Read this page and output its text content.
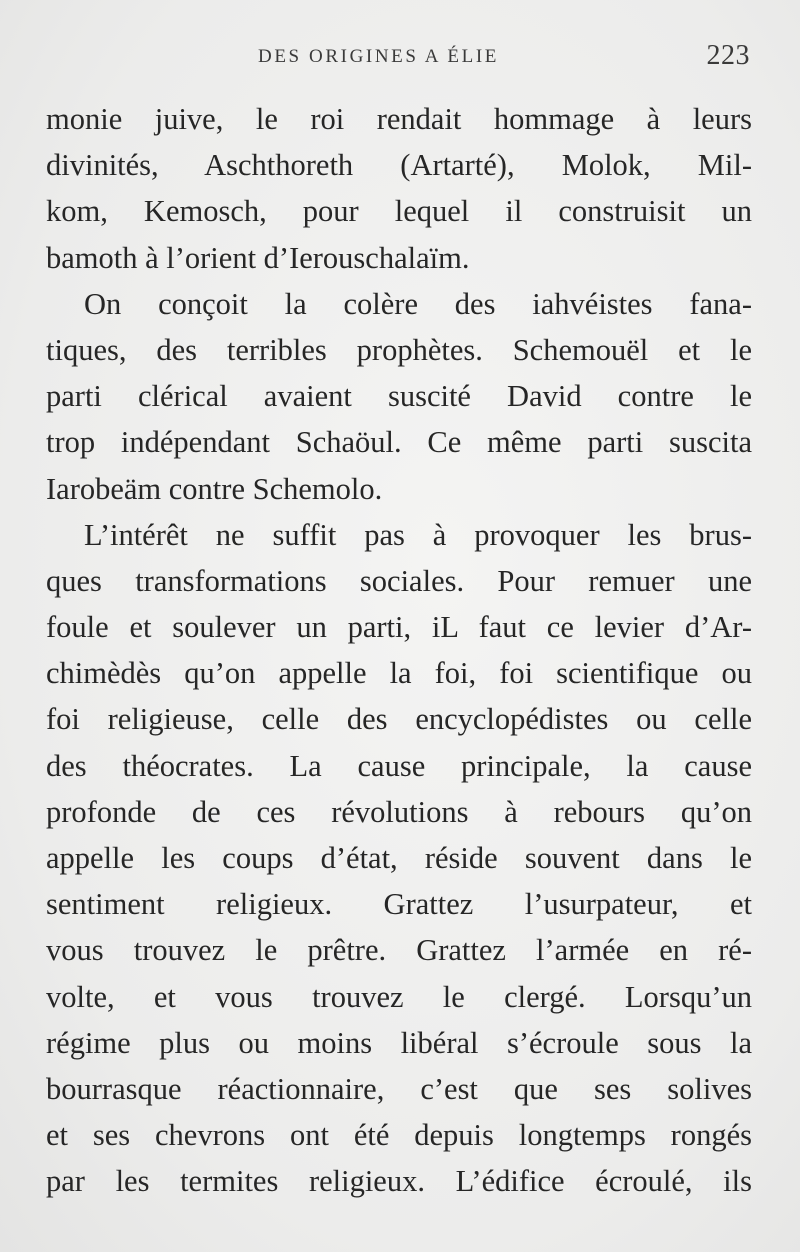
DES ORIGINES A ÉLIE	223
monie juive, le roi rendait hommage à leurs
divinités, Aschthoreth (Artarté), Molok, Mil-
kom, Kemosch, pour lequel il construisit un
bamoth à l’orient d’Ierouschalaïm.
On conçoit la colère des iahvéistes fana-
tiques, des terribles prophètes. Schemouël et le
parti clérical avaient suscité David contre le
trop indépendant Schaöul. Ce même parti suscita
Iarobeäm contre Schemolo.
L’intérêt ne suffit pas à provoquer les brus-
ques transformations sociales. Pour remuer une
foule et soulever un parti, iL faut ce levier d’Ar-
chimèdès qu’on appelle la foi, foi scientifique ou
foi religieuse, celle des encyclopédistes ou celle
des théocrates. La cause principale, la cause
profonde de ces révolutions à rebours qu’on
appelle les coups d’état, réside souvent dans le
sentiment religieux. Grattez l’usurpateur, et
vous trouvez le prêtre. Grattez l’armée en ré-
volte, et vous trouvez le clergé. Lorsqu’un
régime plus ou moins libéral s’écroule sous la
bourrasque réactionnaire, c’est que ses solives
et ses chevrons ont été depuis longtemps rongés
par les termites religieux. L’édifice écroulé, ils
